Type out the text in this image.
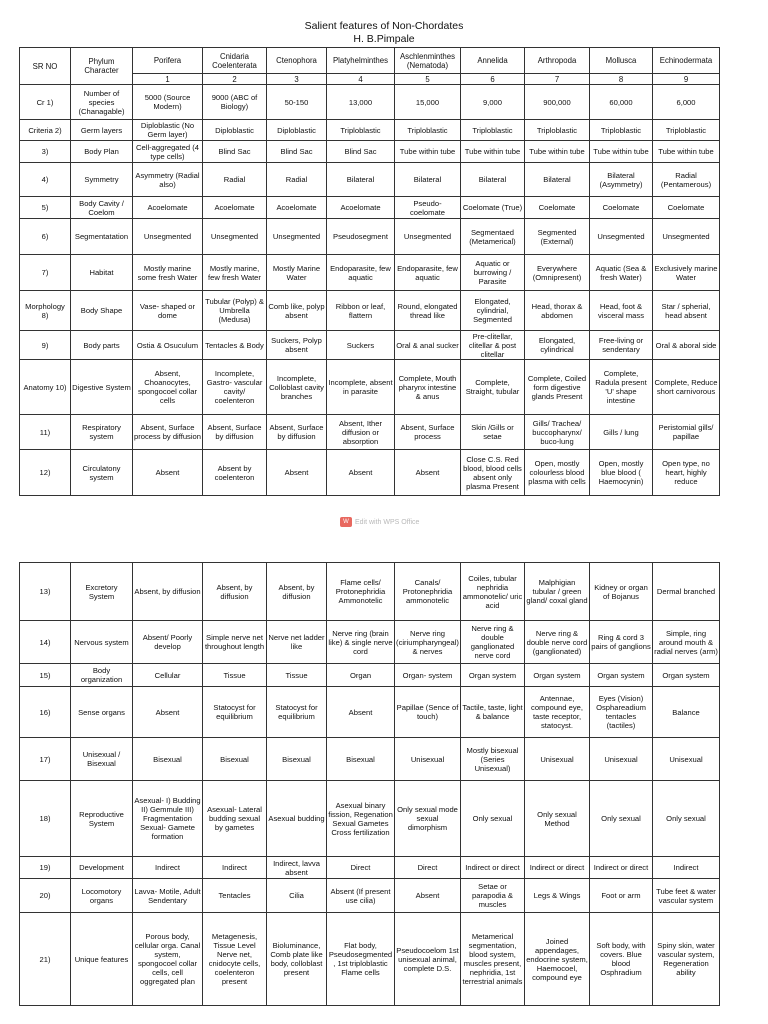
Salient features of Non-Chordates
H. B.Pimpale
SR NO	Phylum Character	Porifera	Cnidaria Coelenterata	Ctenophora	Platyhelminthes	Aschlenminthes (Nematoda)	Annelida	Arthropoda	Mollusca	Echinodermata
		1	2	3	4	5	6	7	8	9
Cr 1)	Number of species (Chanagable)	5000 (Source Modern)	9000 (ABC of Biology)	50-150	13,000	15,000	9,000	900,000	60,000	6,000
Criteria 2)	Germ layers	Diploblastic (No Germ layer)	Diploblastic	Diploblastic	Triploblastic	Triploblastic	Triploblastic	Triploblastic	Triploblastic	Triploblastic
3)	Body Plan	Cell-aggregated (4 type cells)	Blind Sac	Blind Sac	Blind Sac	Tube within tube	Tube within tube	Tube within tube	Tube within tube	Tube within tube
4)	Symmetry	Asymmetry (Radial also)	Radial	Radial	Bilateral	Bilateral	Bilateral	Bilateral	Bilateral (Asymmetry)	Radial (Pentamerous)
5)	Body Cavity / Coelom	Acoelomate	Acoelomate	Acoelomate	Acoelomate	Pseudo-coelomate	Coelomate (True)	Coelomate	Coelomate	Coelomate
6)	Segmentatation	Unsegmented	Unsegmented	Unsegmented	Pseudosegment	Unsegmented	Segmentaed (Metamerical)	Segmented (External)	Unsegmented	Unsegmented
7)	Habitat	Mostly marine some fresh Water	Mostly marine, few fresh Water	Mostly Marine Water	Endoparasite, few aquatic	Endoparasite, few aquatic	Aquatic or burrowing / Parasite	Everywhere (Omnipresent)	Aquatic (Sea & fresh Water)	Exclusively marine Water
Morphology 8)	Body Shape	Vase- shaped or dome	Tubular (Polyp) & Umbrella (Medusa)	Comb like, polyp absent	Ribbon or leaf, flattern	Round, elongated thread like	Elongated, cylindrial, Segmented	Head, thorax & abdomen	Head, foot & visceral mass	Star / spherial, head absent
9)	Body parts	Ostia & Osuculum	Tentacles & Body	Suckers, Polyp absent	Suckers	Oral & anal sucker	Pre-clitellar, clitellar & post clitellar	Elongated, cylindrical	Free-living or sendentary	Oral & aboral side
Anatomy 10)	Digestive System	Absent, Choanocytes, spongocoel collar cells	Incomplete, Gastro- vascular cavity/ coelenteron	Incomplete, Colloblast cavity branches	Incomplete, absent in parasite	Complete, Mouth pharynx intestine & anus	Complete, Straight, tubular	Complete, Coiled form digestive glands Present	Complete, Radula present 'U' shape intestine	Complete, Reduce short carnivorous
11)	Respiratory system	Absent, Surface process by diffusion	Absent, Surface by diffusion	Absent, Surface by diffusion	Absent, Ither diffusion or absorption	Absent, Surface process	Skin /Gills or setae	Gills/ Trachea/ buccopharynx/ buco-lung	Gills / lung	Peristomial gills/ papillae
12)	Circulatony system	Absent	Absent by coelenteron	Absent	Absent	Absent	Close C.S. Red blood, blood cells absent only plasma Present	Open, mostly colourless blood plasma with cells	Open, mostly blue blood ( Haemocynin)	Open type, no heart, highly reduce
W Edit with WPS Office
13)	Excretory System	Absent, by diffusion	Absent, by diffusion	Absent, by diffusion	Flame cells/ Protonephridia Ammonotelic	Canals/ Protonephridia ammonotelic	Coiles, tubular nephridia ammonotelic/ uric acid	Malphigian tubular / green gland/ coxal gland	Kidney or organ of Bojanus	Dermal branched
14)	Nervous system	Absent/ Poorly develop	Simple nerve net throughout length	Nerve net ladder like	Nerve ring (brain like) & single nerve cord	Nerve ring (ciriumpharyngeal) & nerves	Nerve ring & double ganglionated nerve cord	Nerve ring & double nerve cord (ganglionated)	Ring & cord 3 pairs of ganglions	Simple, ring around mouth & radial nerves (arm)
15)	Body organization	Cellular	Tissue	Tissue	Organ	Organ- system	Organ system	Organ system	Organ system	Organ system
16)	Sense organs	Absent	Statocyst for equilibrium	Statocyst for equilibrium	Absent	Papillae (Sence of touch)	Tactile, taste, light & balance	Antennae, compound eye, taste receptor, statocyst.	Eyes (Vision) Osphareadium tentacles (tactiles)	Balance
17)	Unisexual / Bisexual	Bisexual	Bisexual	Bisexual	Bisexual	Unisexual	Mostly bisexual (Series Unisexual)	Unisexual	Unisexual	Unisexual
18)	Reproductive System	Asexual- I) Budding II) Gemmule III) Fragmentation Sexual- Gamete formation	Asexual- Lateral budding sexual by gametes	Asexual budding	Asexual binary fission, Regenation Sexual Gametes Cross fertilization	Only sexual mode sexual dimorphism	Only sexual	Only sexual Method	Only sexual	Only sexual
19)	Development	Indirect	Indirect	Indirect, lavva absent	Direct	Direct	Indirect or direct	Indirect or direct	Indirect or direct	Indirect
20)	Locomotory organs	Lavva- Motile, Adult Sendentary	Tentacles	Cilia	Absent (If present use cilia)	Absent	Setae or parapodia & muscles	Legs & Wings	Foot or arm	Tube feet & water vascular system
21)	Unique features	Porous body, cellular orga. Canal system, spongocoel collar cells, cell oggregated plan	Metagenesis, Tissue Level Nerve net, cnidocyte cells, coelenteron present	Bioluminance, Comb plate like body, colloblast present	Flat body, Pseudosegmented, 1st triploblastic Flame cells	Pseudocoelom 1st unisexual animal, complete D.S.	Metamerical segmentation, blood system, muscles present, nephridia, 1st terrestrial animals	Joined appendages, endocrine system, Haemocoel, compound eye	Soft body, with covers. Blue blood Osphradium	Spiny skin, water vascular system, Regeneration ability
